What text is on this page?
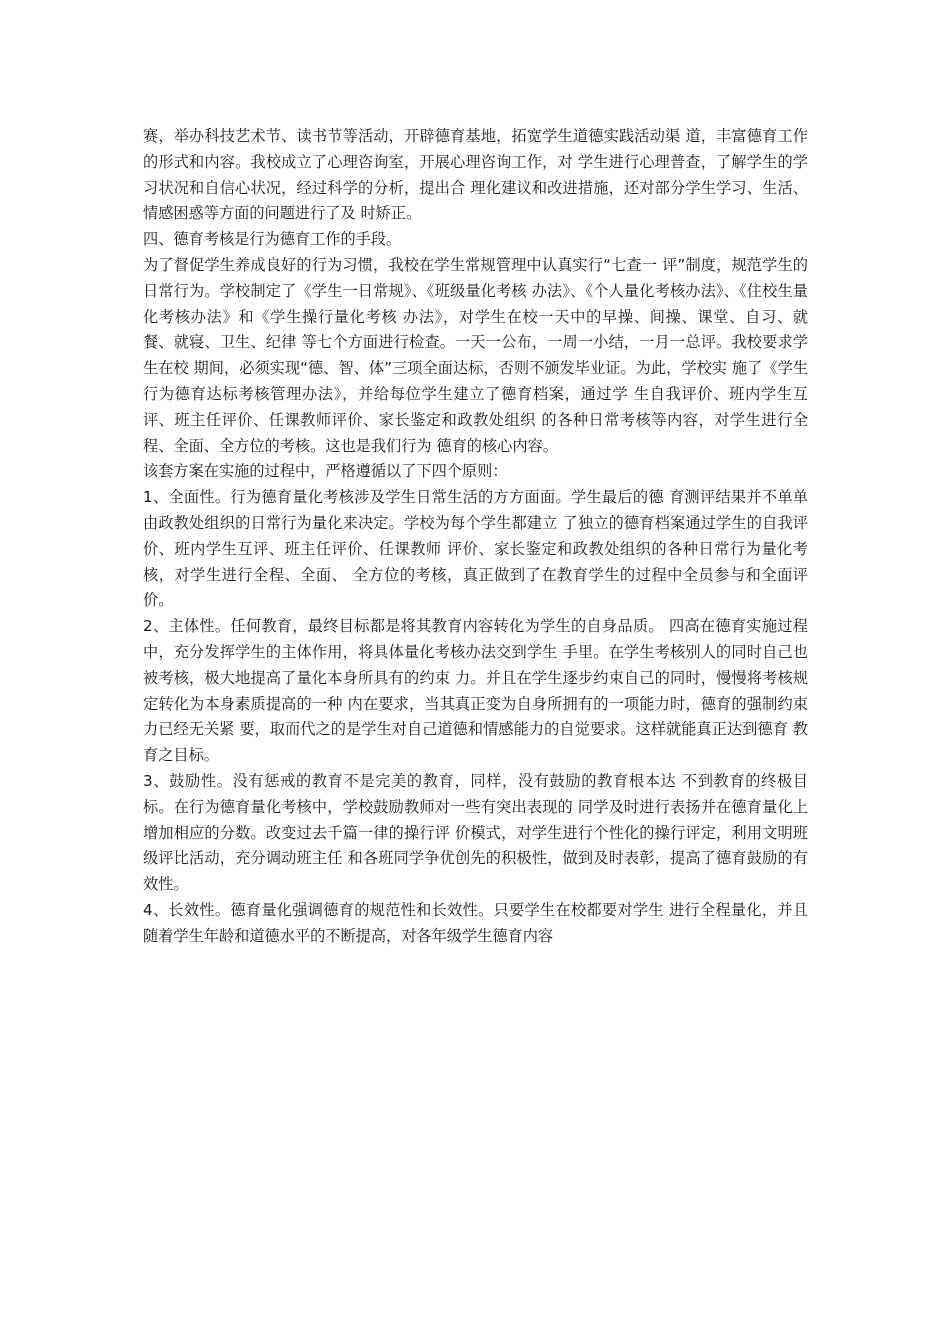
赛，举办科技艺术节、读书节等活动，开辟德育基地，拓宽学生道德实践活动渠 道，丰富德育工作的形式和内容。我校成立了心理咨询室，开展心理咨询工作，对 学生进行心理普查，了解学生的学习状况和自信心状况，经过科学的分析，提出合 理化建议和改进措施，还对部分学生学习、生活、情感困惑等方面的问题进行了及 时矫正。

四、德育考核是行为德育工作的手段。

为了督促学生养成良好的行为习惯，我校在学生常规管理中认真实行“七查一 评”制度，规范学生的日常行为。学校制定了《学生一日常规》、《班级量化考核 办法》、《个人量化考核办法》、《住校生量化考核办法》和《学生操行量化考核 办法》，对学生在校一天中的早操、间操、课堂、自习、就餐、就寝、卫生、纪律 等七个方面进行检查。一天一公布，一周一小结，一月一总评。我校要求学生在校 期间，必须实现“德、智、体”三项全面达标，否则不颁发毕业证。为此，学校实 施了《学生行为德育达标考核管理办法》，并给每位学生建立了德育档案，通过学 生自我评价、班内学生互评、班主任评价、任课教师评价、家长鉴定和政教处组织 的各种日常考核等内容，对学生进行全程、全面、全方位的考核。这也是我们行为 德育的核心内容。

该套方案在实施的过程中，严格遵循以了下四个原则：

1、全面性。行为德育量化考核涉及学生日常生活的方方面面。学生最后的德 育测评结果并不单单由政教处组织的日常行为量化来决定。学校为每个学生都建立 了独立的德育档案通过学生的自我评价、班内学生互评、班主任评价、任课教师 评价、家长鉴定和政教处组织的各种日常行为量化考核，对学生进行全程、全面、 全方位的考核，真正做到了在教育学生的过程中全员参与和全面评价。

2、主体性。任何教育，最终目标都是将其教育内容转化为学生的自身品质。 四高在德育实施过程中，充分发挥学生的主体作用，将具体量化考核办法交到学生 手里。在学生考核别人的同时自己也被考核，极大地提高了量化本身所具有的约束 力。并且在学生逐步约束自己的同时，慢慢将考核规定转化为本身素质提高的一种 内在要求，当其真正变为自身所拥有的一项能力时，德育的强制约束力已经无关紧 要，取而代之的是学生对自己道德和情感能力的自觉要求。这样就能真正达到德育 教育之目标。

3、鼓励性。没有惩戒的教育不是完美的教育，同样，没有鼓励的教育根本达 不到教育的终极目标。在行为德育量化考核中，学校鼓励教师对一些有突出表现的 同学及时进行表扬并在德育量化上增加相应的分数。改变过去千篇一律的操行评 价模式，对学生进行个性化的操行评定，利用文明班级评比活动，充分调动班主任 和各班同学争优创先的积极性，做到及时表彰，提高了德育鼓励的有效性。

4、长效性。德育量化强调德育的规范性和长效性。只要学生在校都要对学生 进行全程量化，并且随着学生年龄和道德水平的不断提高，对各年级学生德育内容
